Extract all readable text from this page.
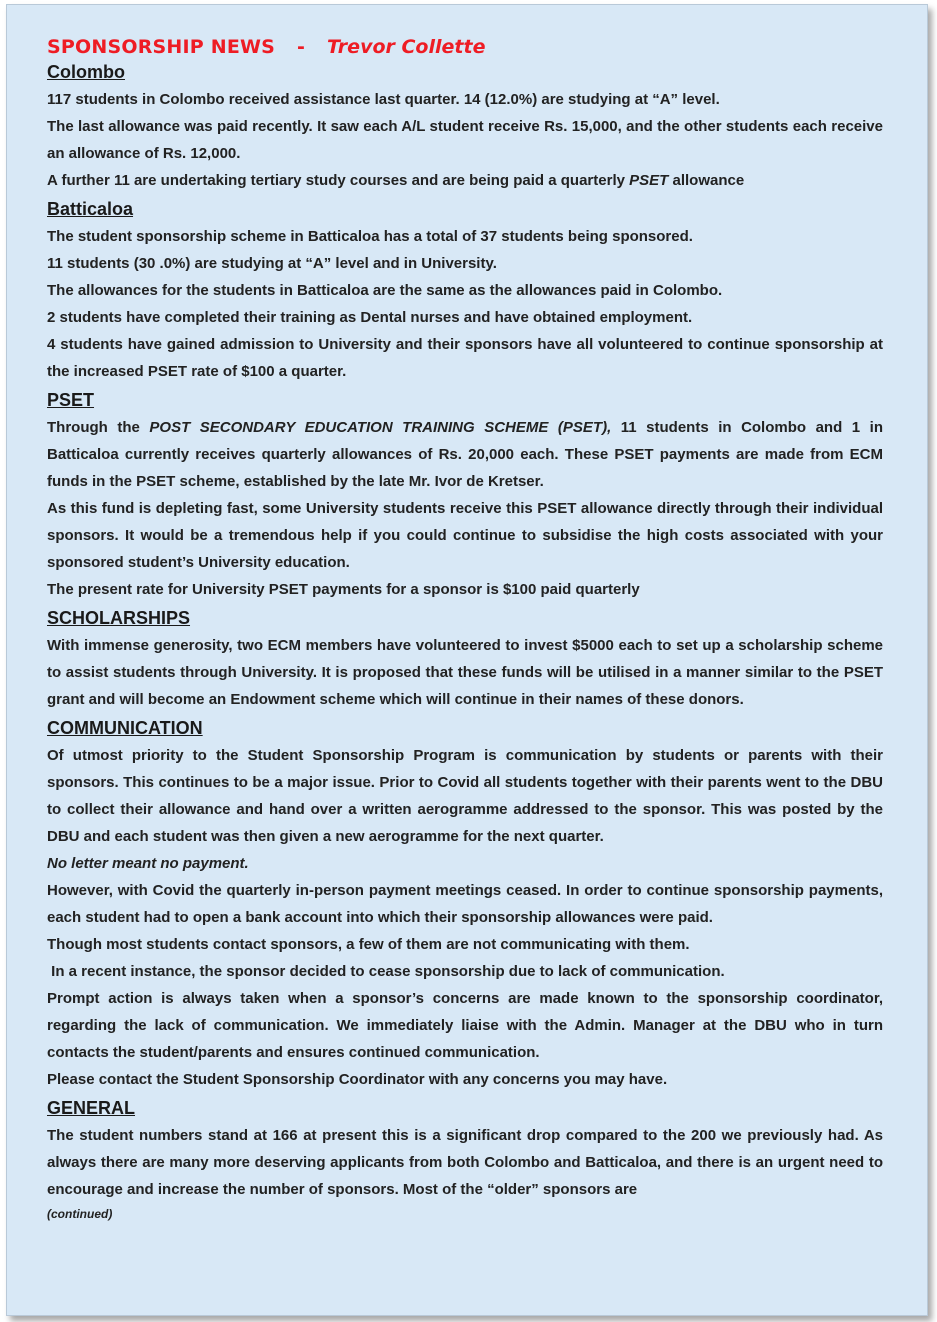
SPONSORSHIP NEWS - Trevor Collette
Colombo

117 students in Colombo received assistance last quarter. 14 (12.0%) are studying at “A” level.

The last allowance was paid recently. It saw each A/L student receive Rs. 15,000, and the other students each receive an allowance of Rs. 12,000.

A further 11 are undertaking tertiary study courses and are being paid a quarterly PSET allowance

Batticaloa

The student sponsorship scheme in Batticaloa has a total of 37 students being sponsored.

11 students (30 .0%) are studying at “A” level and in University.

The allowances for the students in Batticaloa are the same as the allowances paid in Colombo.

2 students have completed their training as Dental nurses and have obtained employment.

4 students have gained admission to University and their sponsors have all volunteered to continue sponsorship at the increased PSET rate of $100 a quarter.

PSET

Through the POST SECONDARY EDUCATION TRAINING SCHEME (PSET), 11 students in Colombo and 1 in Batticaloa currently receives quarterly allowances of Rs. 20,000 each. These PSET payments are made from ECM funds in the PSET scheme, established by the late Mr. Ivor de Kretser.

As this fund is depleting fast, some University students receive this PSET allowance directly through their individual sponsors. It would be a tremendous help if you could continue to subsidise the high costs associated with your sponsored student’s University education.

The present rate for University PSET payments for a sponsor is $100 paid quarterly

SCHOLARSHIPS

With immense generosity, two ECM members have volunteered to invest $5000 each to set up a scholarship scheme to assist students through University. It is proposed that these funds will be utilised in a manner similar to the PSET grant and will become an Endowment scheme which will continue in their names of these donors.

COMMUNICATION

Of utmost priority to the Student Sponsorship Program is communication by students or parents with their sponsors. This continues to be a major issue. Prior to Covid all students together with their parents went to the DBU to collect their allowance and hand over a written aerogramme addressed to the sponsor. This was posted by the DBU and each student was then given a new aerogramme for the next quarter.

No letter meant no payment.

However, with Covid the quarterly in-person payment meetings ceased. In order to continue sponsorship payments, each student had to open a bank account into which their sponsorship allowances were paid.

Though most students contact sponsors, a few of them are not communicating with them.

In a recent instance, the sponsor decided to cease sponsorship due to lack of communication.

Prompt action is always taken when a sponsor’s concerns are made known to the sponsorship coordinator, regarding the lack of communication. We immediately liaise with the Admin. Manager at the DBU who in turn contacts the student/parents and ensures continued communication.

Please contact the Student Sponsorship Coordinator with any concerns you may have.

GENERAL

The student numbers stand at 166 at present this is a significant drop compared to the 200 we previously had. As always there are many more deserving applicants from both Colombo and Batticaloa, and there is an urgent need to encourage and increase the number of sponsors. Most of the “older” sponsors are

(continued)
